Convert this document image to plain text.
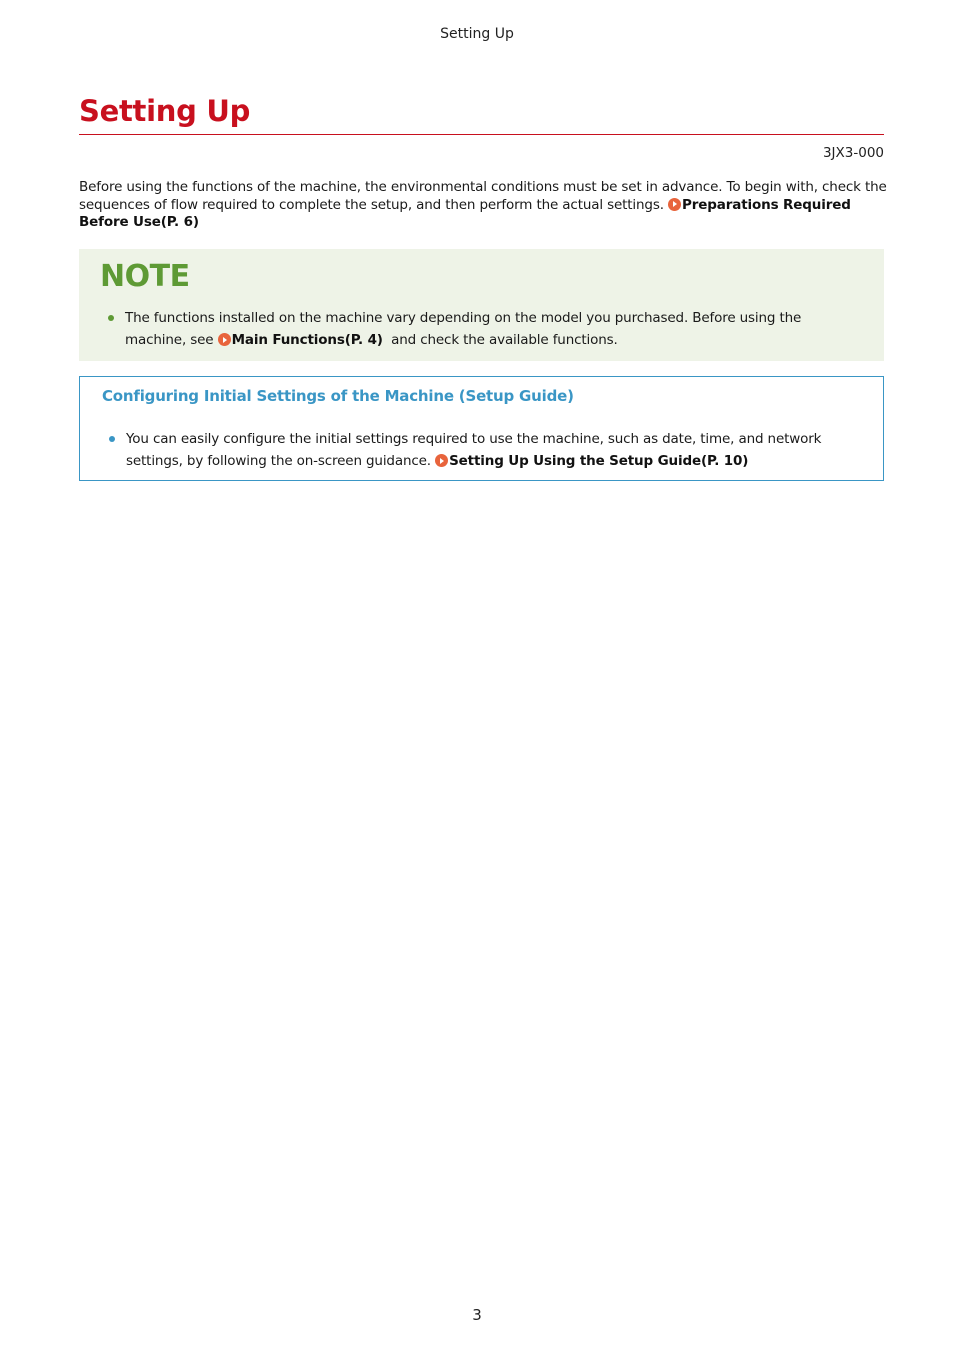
Setting Up
Setting Up
3JX3-000

Before using the functions of the machine, the environmental conditions must be set in advance. To begin with, check the sequences of flow required to complete the setup, and then perform the actual settings. Preparations Required Before Use(P. 6)

NOTE
The functions installed on the machine vary depending on the model you purchased. Before using the machine, see Main Functions(P. 4)  and check the available functions.
Configuring Initial Settings of the Machine (Setup Guide)
You can easily configure the initial settings required to use the machine, such as date, time, and network settings, by following the on-screen guidance. Setting Up Using the Setup Guide(P. 10)
3
